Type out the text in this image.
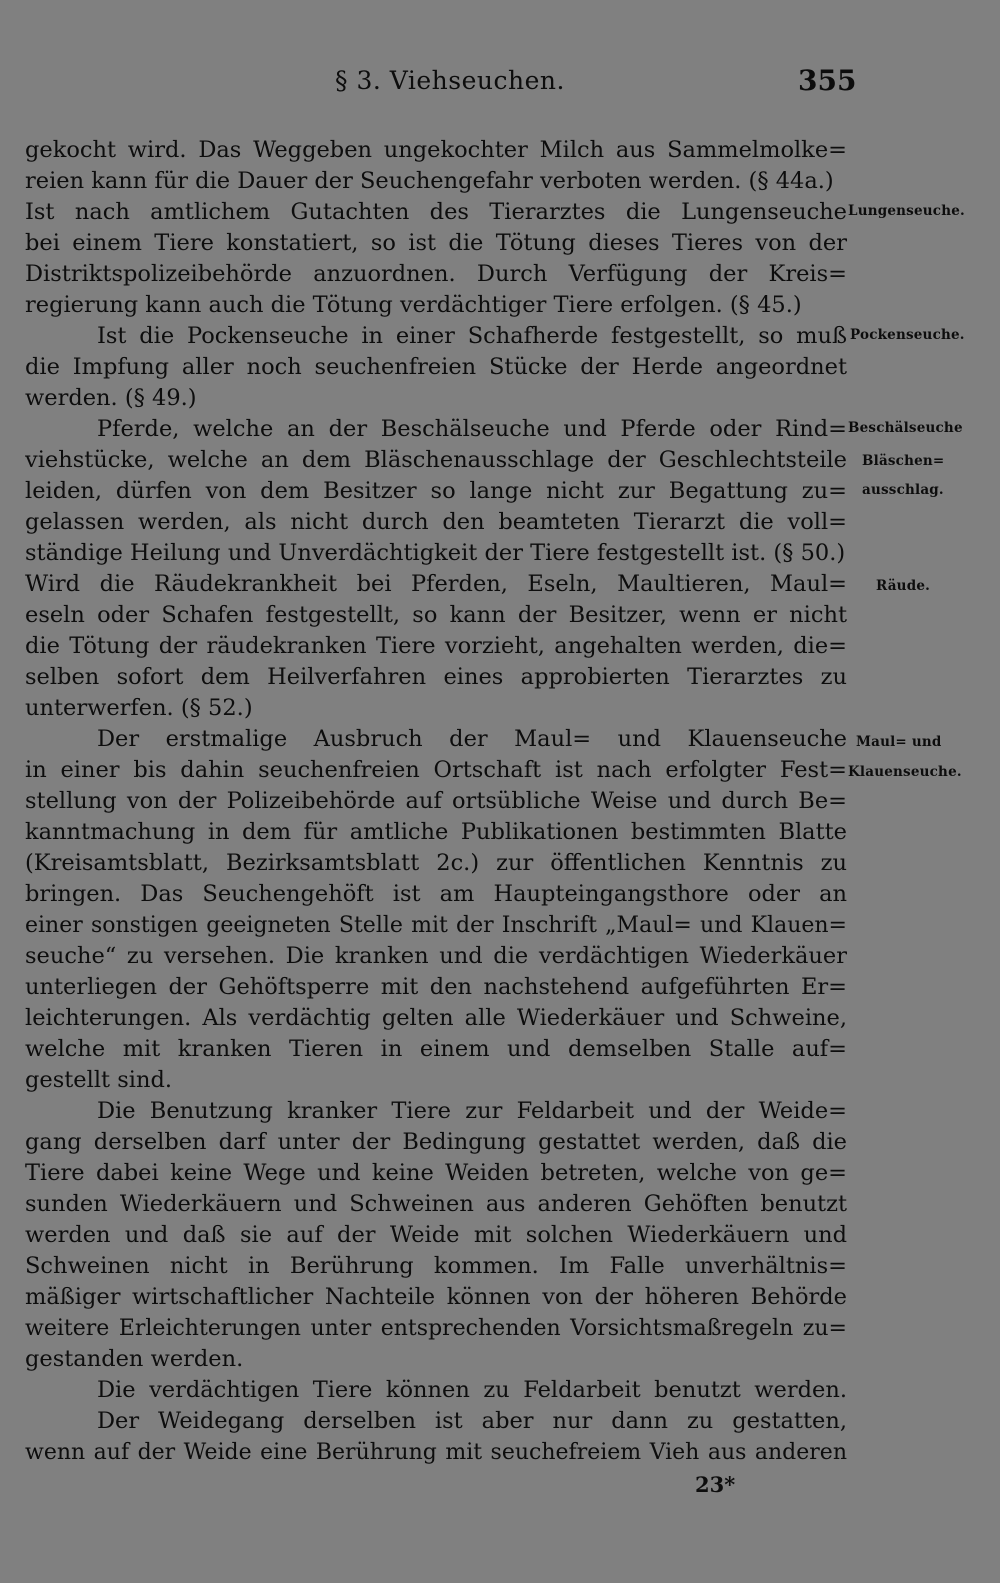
§ 3. Viehseuchen.	355
gekocht wird. Das Weggeben ungekochter Milch aus Sammelmolke=
reien kann für die Dauer der Seuchengefahr verboten werden. (§ 44a.)
Ist nach amtlichem Gutachten des Tierarztes die Lungenseuche
bei einem Tiere konstatiert, so ist die Tötung dieses Tieres von der
Distriktspolizeibehörde anzuordnen. Durch Verfügung der Kreis=
regierung kann auch die Tötung verdächtiger Tiere erfolgen. (§ 45.)
Ist die Pockenseuche in einer Schafherde festgestellt, so muß
die Impfung aller noch seuchenfreien Stücke der Herde angeordnet
werden. (§ 49.)
Pferde, welche an der Beschälseuche und Pferde oder Rind=
viehstücke, welche an dem Bläschenausschlage der Geschlechtsteile
leiden, dürfen von dem Besitzer so lange nicht zur Begattung zu=
gelassen werden, als nicht durch den beamteten Tierarzt die voll=
ständige Heilung und Unverdächtigkeit der Tiere festgestellt ist. (§ 50.)
Wird die Räudekrankheit bei Pferden, Eseln, Maultieren, Maul=
eseln oder Schafen festgestellt, so kann der Besitzer, wenn er nicht
die Tötung der räudekranken Tiere vorzieht, angehalten werden, die=
selben sofort dem Heilverfahren eines approbierten Tierarztes zu
unterwerfen. (§ 52.)
Der erstmalige Ausbruch der Maul= und Klauenseuche
in einer bis dahin seuchenfreien Ortschaft ist nach erfolgter Fest=
stellung von der Polizeibehörde auf ortsübliche Weise und durch Be=
kanntmachung in dem für amtliche Publikationen bestimmten Blatte
(Kreisamtsblatt, Bezirksamtsblatt 2c.) zur öffentlichen Kenntnis zu
bringen. Das Seuchengehöft ist am Haupteingangsthore oder an
einer sonstigen geeigneten Stelle mit der Inschrift „Maul= und Klauen=
seuche“ zu versehen. Die kranken und die verdächtigen Wiederkäuer
unterliegen der Gehöftsperre mit den nachstehend aufgeführten Er=
leichterungen. Als verdächtig gelten alle Wiederkäuer und Schweine,
welche mit kranken Tieren in einem und demselben Stalle auf=
gestellt sind.
Die Benutzung kranker Tiere zur Feldarbeit und der Weide=
gang derselben darf unter der Bedingung gestattet werden, daß die
Tiere dabei keine Wege und keine Weiden betreten, welche von ge=
sunden Wiederkäuern und Schweinen aus anderen Gehöften benutzt
werden und daß sie auf der Weide mit solchen Wiederkäuern und
Schweinen nicht in Berührung kommen. Im Falle unverhältnis=
mäßiger wirtschaftlicher Nachteile können von der höheren Behörde
weitere Erleichterungen unter entsprechenden Vorsichtsmaßregeln zu=
gestanden werden.
Die verdächtigen Tiere können zu Feldarbeit benutzt werden.
Der Weidegang derselben ist aber nur dann zu gestatten,
wenn auf der Weide eine Berührung mit seuchefreiem Vieh aus anderen
Lungenseuche.
Pockenseuche.
Beschälseuche
Bläschen=
ausschlag.
Räude.
Maul= und
Klauenseuche.
23*
